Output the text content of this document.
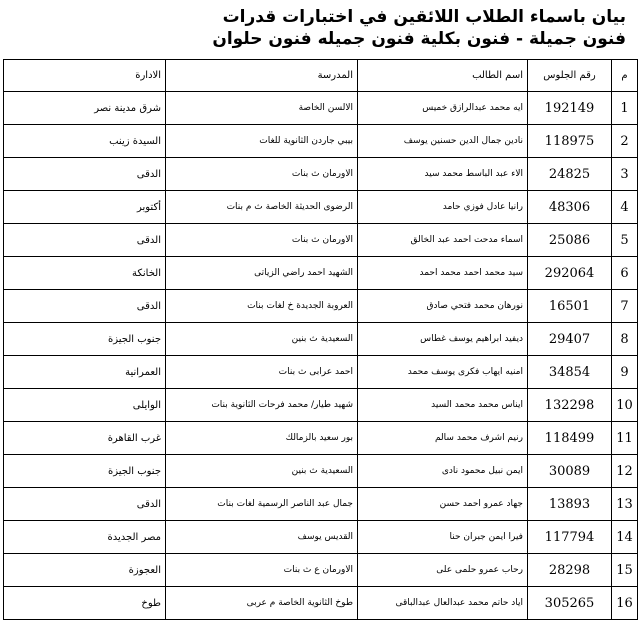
بيان باسماء الطلاب اللائقين في اختبارات قدرات
فنون جميلة - فنون بكلية فنون جميله فنون حلوان
م	رقم الجلوس	اسم الطالب	المدرسة	الادارة
1	192149	ايه محمد عبدالرازق خميس	الالسن الخاصة	شرق مدينة نصر
2	118975	نادين جمال الدين حسنين يوسف	بيبي جاردن الثانوية للغات	السيدة زينب
3	24825	الاء عبد الباسط محمد سيد	الاورمان ث بنات	الدقى
4	48306	رانيا عادل فوزي حامد	الرضوى الحديثة الخاصة ث م بنات	أكتوبر
5	25086	اسماء مدحت احمد عبد الخالق	الاورمان ث بنات	الدقى
6	292064	سيد محمد احمد محمد احمد	الشهيد احمد راضي الزياتى	الخانكة
7	16501	نورهان محمد فتحي صادق	العروبة الجديدة خ لغات بنات	الدقى
8	29407	ديفيد ابراهيم يوسف غطاس	السعيدية ث بنين	جنوب الجيزة
9	34854	امنيه ايهاب فكرى يوسف محمد	احمد عرابى ث بنات	العمرانية
10	132298	ايناس محمد محمد السيد	شهيد طيار/ محمد فرحات الثانوية بنات	الوايلى
11	118499	رنيم اشرف محمد سالم	بور سعيد بالزمالك	غرب القاهرة
12	30089	ايمن نبيل محمود نادى	السعيدية ث بنين	جنوب الجيزة
13	13893	جهاد عمرو احمد حسن	جمال عبد الناصر الرسمية لغات بنات	الدقى
14	117794	فيرا ايمن جبران حنا	القديس يوسف	مصر الجديدة
15	28298	رحاب عمرو حلمى على	الاورمان ع ث بنات	العجوزة
16	305265	اياد حاتم محمد عبدالعال عبدالباقى	طوخ الثانوية الخاصة م عربى	طوخ
